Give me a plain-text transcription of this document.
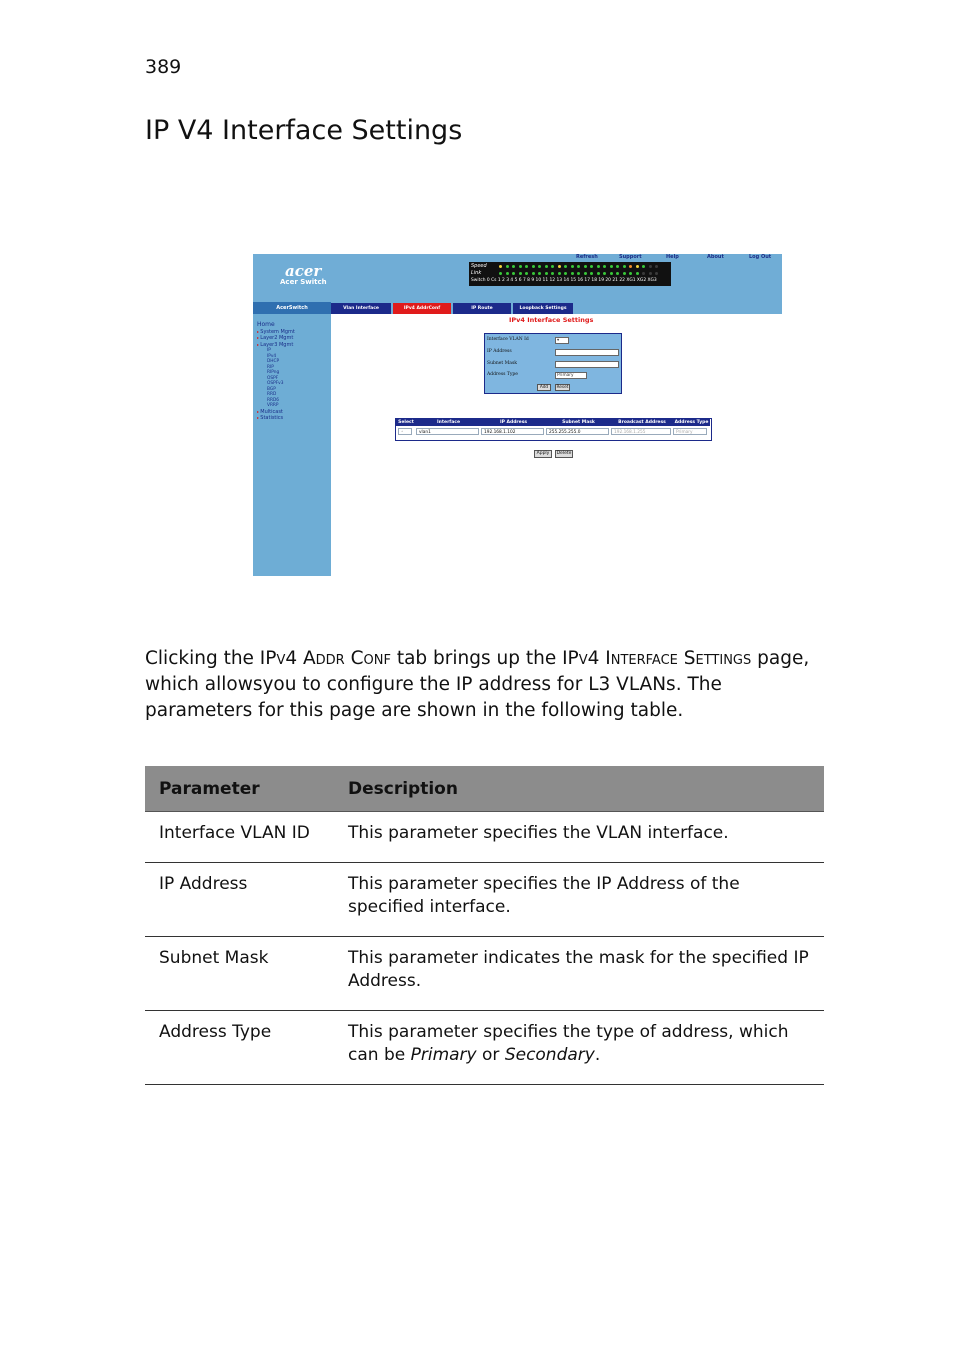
389
IP V4 Interface Settings
acer
Acer Switch
Refresh	Support	Help	About	Log Out
Speed
Link
Switch 0 Cs 1 2 3 4 5 6 7 8 9 10 11 12 13 14 15 16 17 18 19 20 21 22 XG1 XG2 XG3
AcerSwitch
Home
▸ System Mgmt
▸ Layer2 Mgmt
▸ Layer3 Mgmt
IP
IPv4
DHCP
RIP
RIPng
OSPF
OSPFv3
BGP
RRD
RRD6
VRRP
▸ Multicast
▸ Statistics
Vlan Interface	IPv4 AddrConf	IP Route	Loopback Settings
IPv4 Interface Settings
Interface VLAN Id	▾
IP Address
Subnet Mask
Address Type	Primary
Add	Reset
Select	Interface	IP Address	Subnet Mask	Broadcast Address	Address Type
◦	vlan1	192.168.1.102	255.255.255.0	192.168.1.255	Primary
Apply	Delete

Clicking the IPv4 Addr Conf tab brings up the IPv4 Interface Settings page, which allowsyou to configure the IP address for L3 VLANs. The parameters for this page are shown in the following table.

Parameter	Description
Interface VLAN ID	This parameter specifies the VLAN interface.
IP Address	This parameter specifies the IP Address of the specified interface.
Subnet Mask	This parameter indicates the mask for the specified IP Address.
Address Type	This parameter specifies the type of address, which can be Primary or Secondary.
